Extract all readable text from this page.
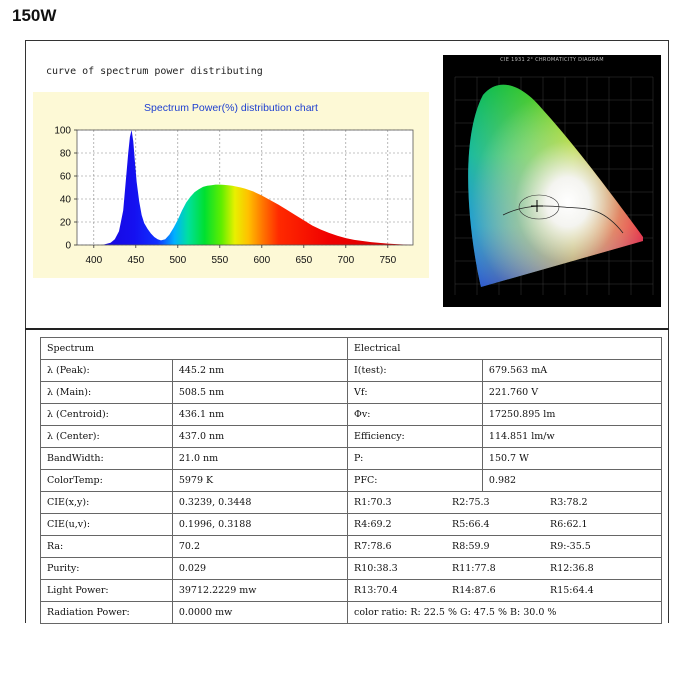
150W
curve of spectrum power distributing
Spectrum Power(%) distribution chart
0
20
40
60
80
100
400	450	500	550	600	650	700	750
CIE 1931 2° CHROMATICITY DIAGRAM
Spectrum		Electrical	
λ (Peak):	445.2 nm	I(test):	679.563 mA
λ (Main):	508.5 nm	Vf:	221.760 V
λ (Centroid):	436.1 nm	Φv:	17250.895 lm
λ (Center):	437.0 nm	Efficiency:	114.851 lm/w
BandWidth:	21.0 nm	P:	150.7 W
ColorTemp:	5979 K	PFC:	0.982
CIE(x,y):	0.3239, 0.3448	R1:70.3 R2:75.3 R3:78.2	
CIE(u,v):	0.1996, 0.3188	R4:69.2 R5:66.4 R6:62.1	
Ra:	70.2	R7:78.6 R8:59.9 R9:-35.5	
Purity:	0.029	R10:38.3 R11:77.8 R12:36.8	
Light Power:	39712.2229 mw	R13:70.4 R14:87.6 R15:64.4	
Radiation Power:	0.0000 mw	color ratio: R: 22.5 % G: 47.5 % B: 30.0 %	
